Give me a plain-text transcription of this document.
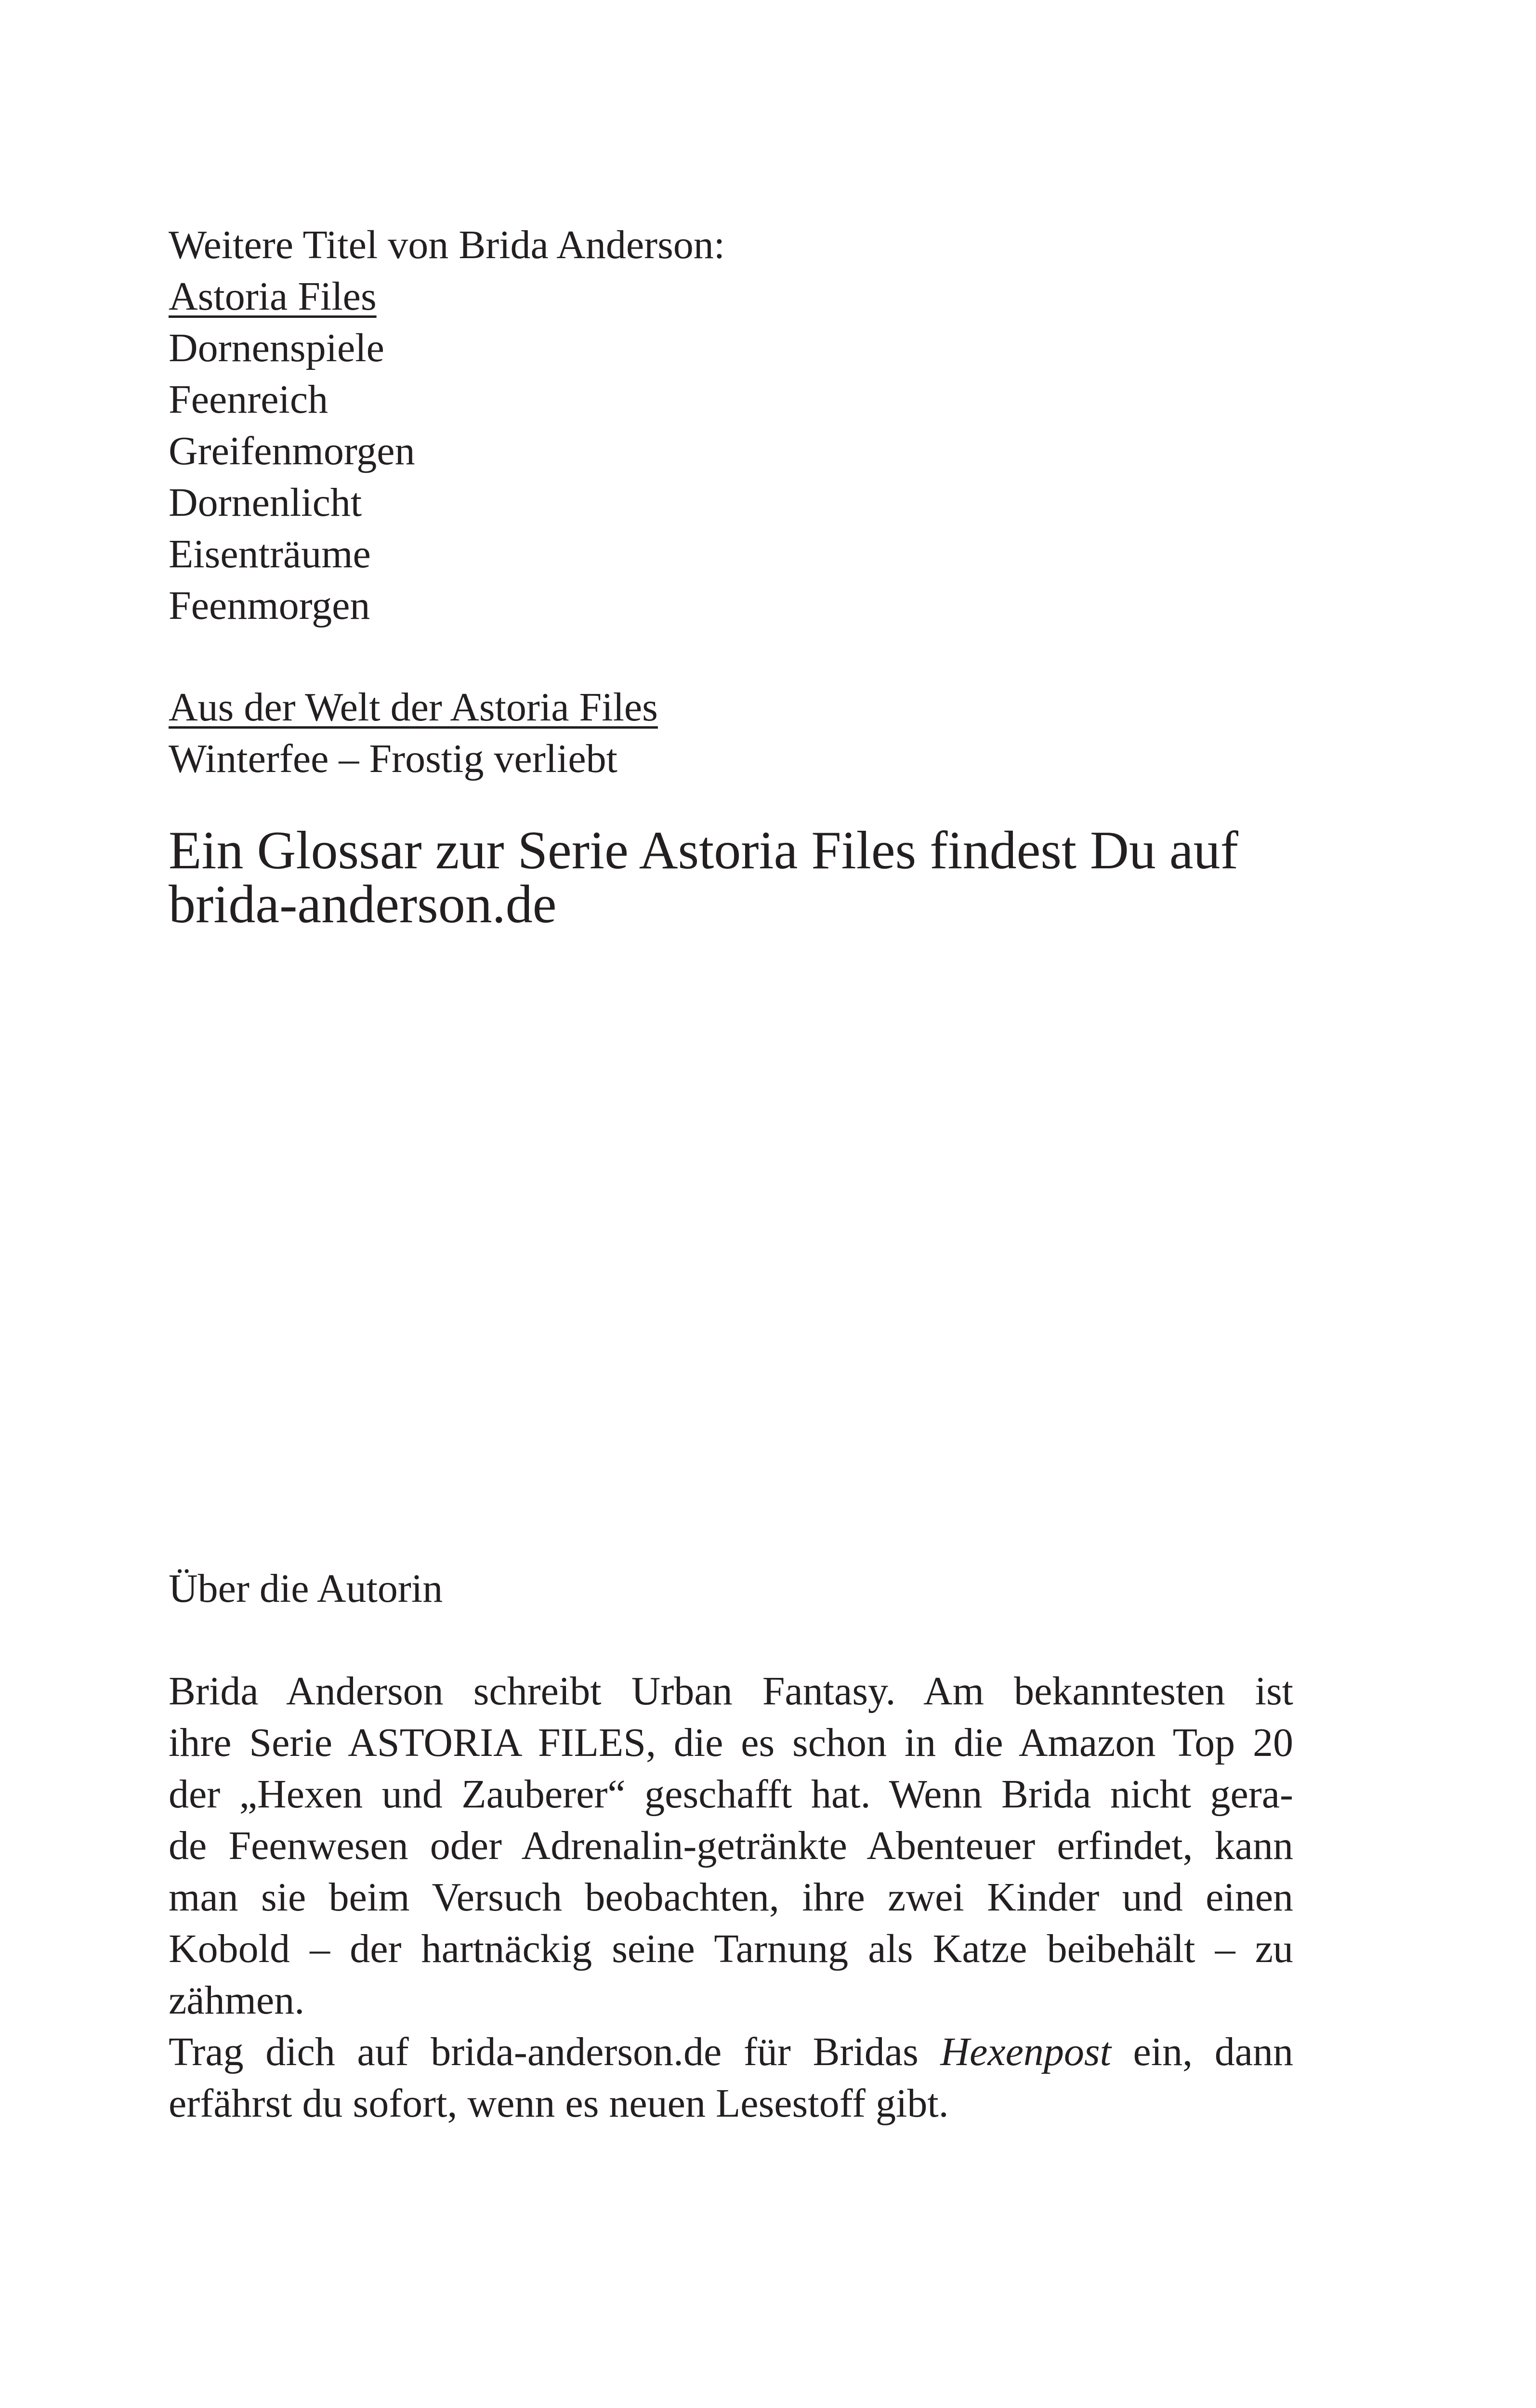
Weitere Titel von Brida Anderson:
Astoria Files
Dornenspiele
Feenreich
Greifenmorgen
Dornenlicht
Eisenträume
Feenmorgen
Aus der Welt der Astoria Files
Winterfee – Frostig verliebt
Ein Glossar zur Serie Astoria Files findest Du auf
brida-anderson.de
Über die Autorin
Brida Anderson schreibt Urban Fantasy. Am bekanntesten ist
ihre Serie ASTORIA FILES, die es schon in die Amazon Top 20
der „Hexen und Zauberer“ geschafft hat. Wenn Brida nicht gera-
de Feenwesen oder Adrenalin-getränkte Abenteuer erfindet, kann
man sie beim Versuch beobachten, ihre zwei Kinder und einen
Kobold – der hartnäckig seine Tarnung als Katze beibehält – zu
zähmen.
Trag dich auf brida-anderson.de für Bridas Hexenpost ein, dann
erfährst du sofort, wenn es neuen Lesestoff gibt.
